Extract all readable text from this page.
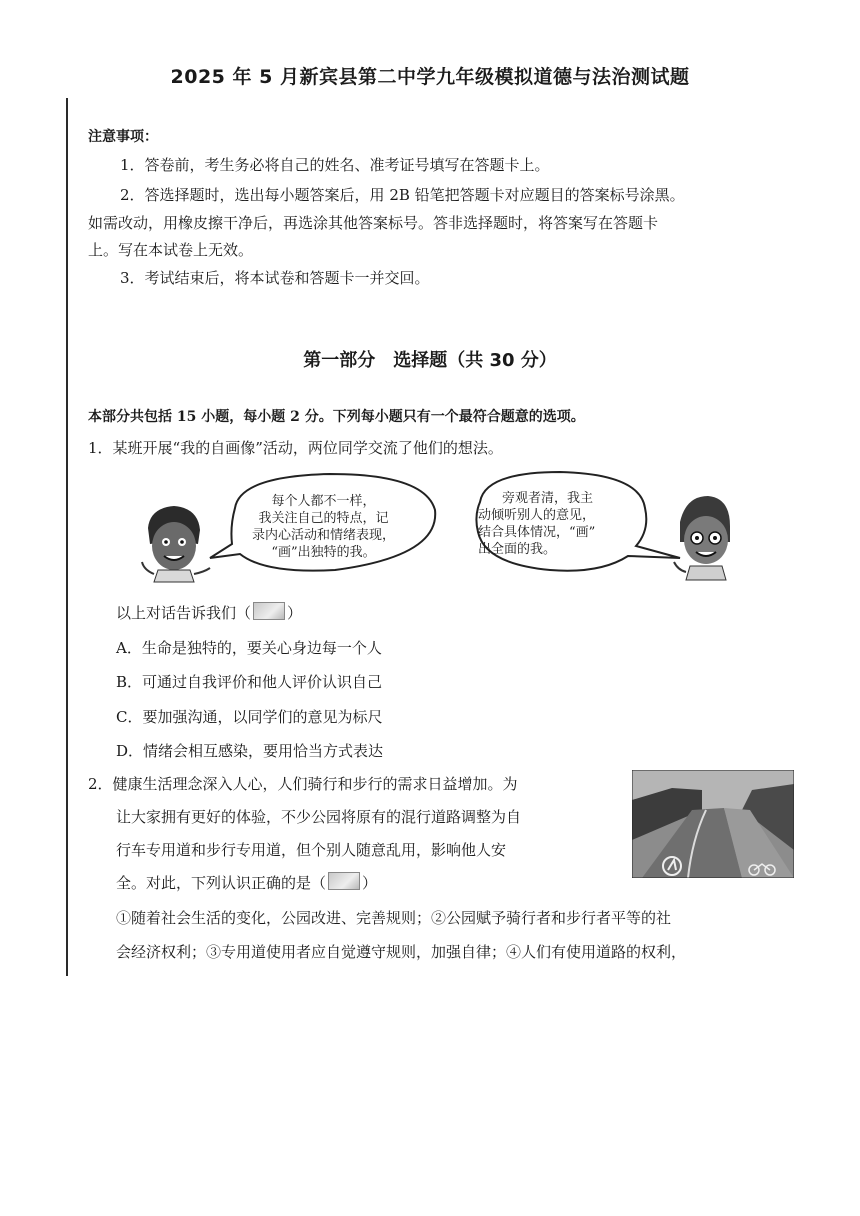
2025 年 5 月新宾县第二中学九年级模拟道德与法治测试题
注意事项：
1．答卷前，考生务必将自己的姓名、准考证号填写在答题卡上。
2．答选择题时，选出每小题答案后，用 2B 铅笔把答题卡对应题目的答案标号涂黑。
如需改动，用橡皮擦干净后，再选涂其他答案标号。答非选择题时，将答案写在答题卡
上。写在本试卷上无效。
3．考试结束后，将本试卷和答题卡一并交回。
第一部分　选择题（共 30 分）
本部分共包括 15 小题，每小题 2 分。下列每小题只有一个最符合题意的选项。
1．某班开展“我的自画像”活动，两位同学交流了他们的想法。
每个人都不一样，
我关注自己的特点，记
录内心活动和情绪表现，
“画”出独特的我。
旁观者清，我主
动倾听别人的意见，
结合具体情况，“画”
出全面的我。
以上对话告诉我们（ ）
A．生命是独特的，要关心身边每一个人
B．可通过自我评价和他人评价认识自己
C．要加强沟通，以同学们的意见为标尺
D．情绪会相互感染，要用恰当方式表达
2．健康生活理念深入人心，人们骑行和步行的需求日益增加。为
让大家拥有更好的体验，不少公园将原有的混行道路调整为自
行车专用道和步行专用道，但个别人随意乱用，影响他人安
全。对此，下列认识正确的是（ ）
①随着社会生活的变化，公园改进、完善规则；②公园赋予骑行者和步行者平等的社
会经济权利；③专用道使用者应自觉遵守规则，加强自律；④人们有使用道路的权利，
